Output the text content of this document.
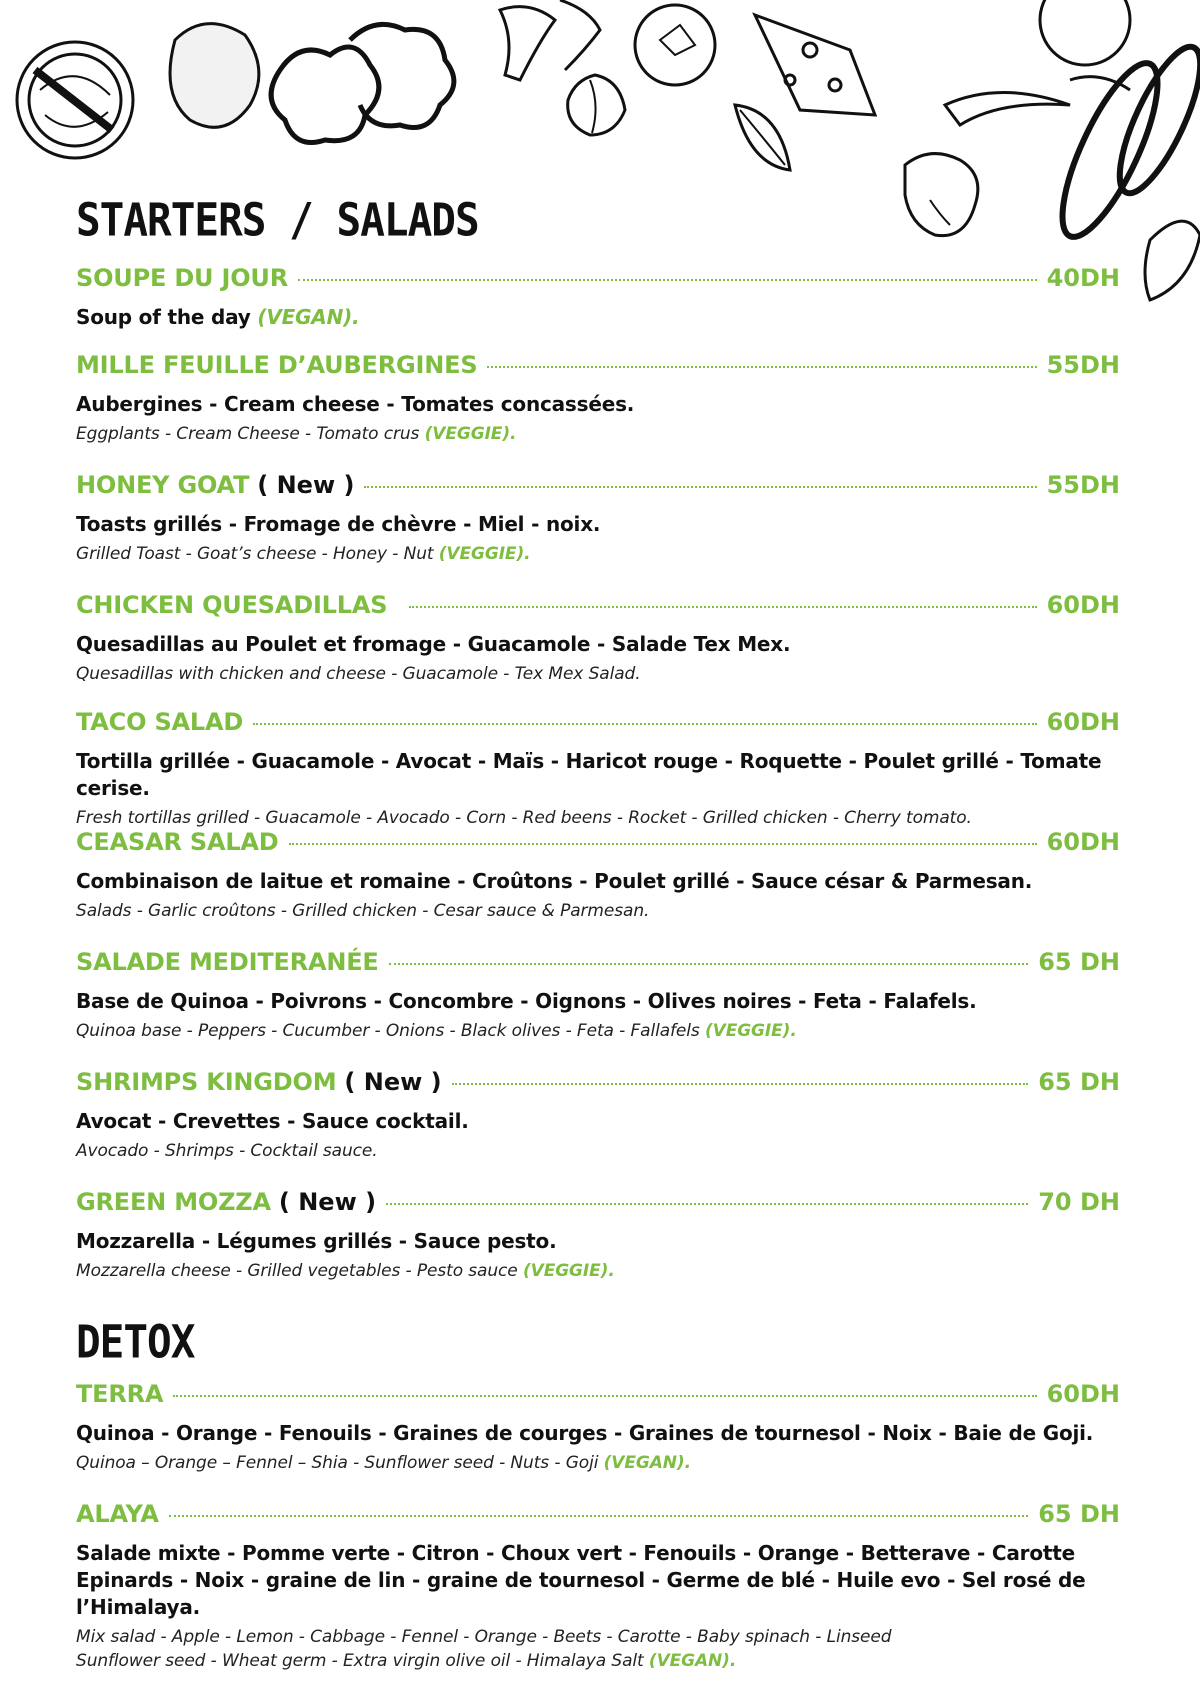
STARTERS / SALADS
SOUPE DU JOUR	40DH
Soup of the day (VEGAN).
MILLE FEUILLE D’AUBERGINES	55DH
Aubergines - Cream cheese - Tomates concassées.
Eggplants - Cream Cheese - Tomato crus (VEGGIE).
HONEY GOAT ( New )	55DH
Toasts grillés - Fromage de chèvre - Miel - noix.
Grilled Toast - Goat’s cheese - Honey - Nut (VEGGIE).
CHICKEN QUESADILLAS	60DH
Quesadillas au Poulet et fromage - Guacamole - Salade Tex Mex.
Quesadillas with chicken and cheese - Guacamole - Tex Mex Salad.
TACO SALAD	60DH
Tortilla grillée - Guacamole - Avocat - Maïs - Haricot rouge - Roquette - Poulet grillé - Tomate cerise.
Fresh tortillas grilled - Guacamole - Avocado - Corn - Red beens - Rocket - Grilled chicken - Cherry tomato.
CEASAR SALAD	60DH
Combinaison de laitue et romaine - Croûtons - Poulet grillé - Sauce césar & Parmesan.
Salads - Garlic croûtons - Grilled chicken - Cesar sauce & Parmesan.
SALADE MEDITERANÉE	65 DH
Base de Quinoa - Poivrons - Concombre - Oignons - Olives noires - Feta - Falafels.
Quinoa base - Peppers - Cucumber - Onions - Black olives - Feta - Fallafels (VEGGIE).
SHRIMPS KINGDOM ( New )	65 DH
Avocat - Crevettes - Sauce cocktail.
Avocado - Shrimps - Cocktail sauce.
GREEN MOZZA ( New )	70 DH
Mozzarella - Légumes grillés - Sauce pesto.
Mozzarella cheese - Grilled vegetables - Pesto sauce (VEGGIE).
DETOX
TERRA	60DH
Quinoa - Orange - Fenouils - Graines de courges - Graines de tournesol - Noix - Baie de Goji.
Quinoa – Orange – Fennel – Shia - Sunflower seed - Nuts - Goji (VEGAN).
ALAYA	65 DH
Salade mixte - Pomme verte - Citron - Choux vert - Fenouils - Orange - Betterave - Carotte
Epinards - Noix - graine de lin - graine de tournesol - Germe de blé - Huile evo - Sel rosé de l’Himalaya.
Mix salad - Apple - Lemon - Cabbage - Fennel - Orange - Beets - Carotte - Baby spinach - Linseed
Sunflower seed - Wheat germ - Extra virgin olive oil - Himalaya Salt (VEGAN).
